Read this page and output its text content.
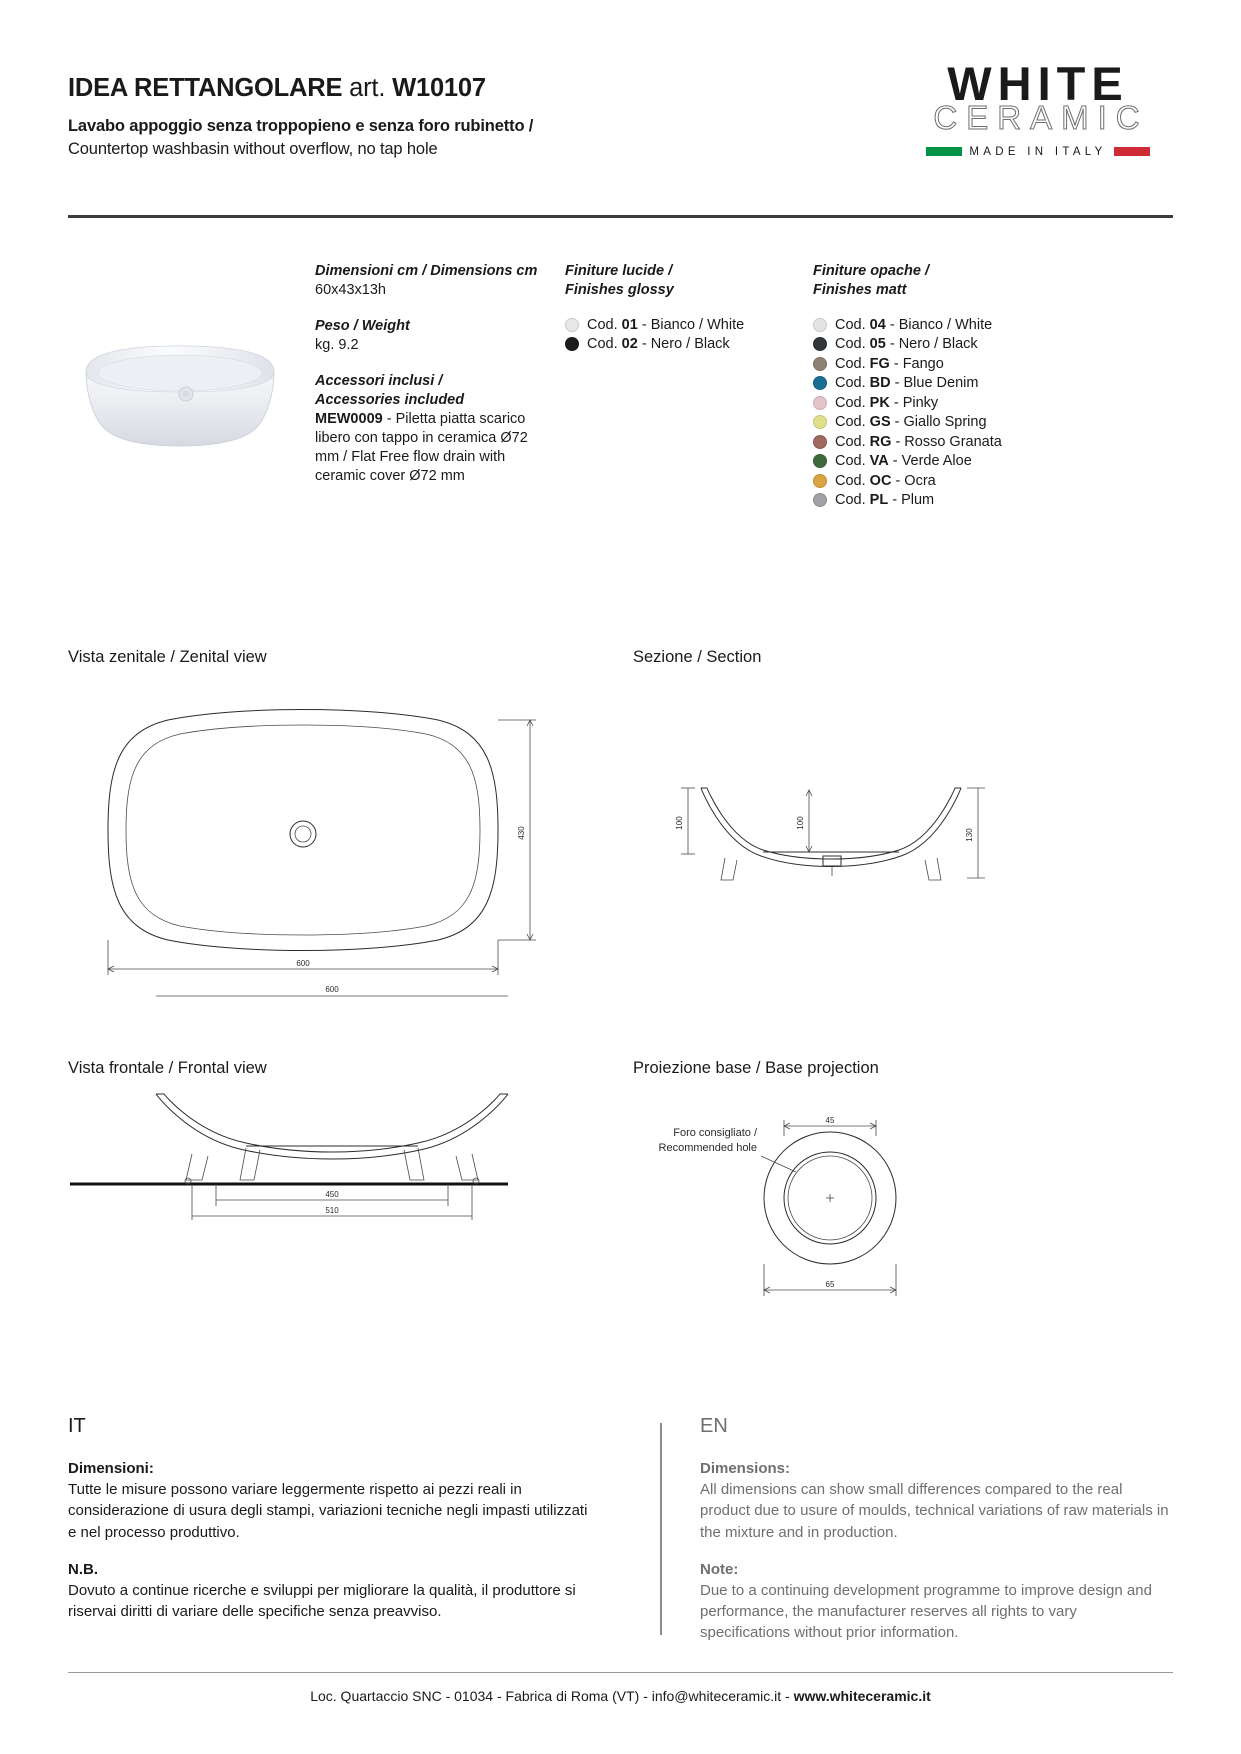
IDEA RETTANGOLARE art. W10107
Lavabo appoggio senza troppopieno e senza foro rubinetto /
Countertop washbasin without overflow, no tap hole
WHITE
CERAMIC
MADE IN ITALY
Dimensioni cm / Dimensions cm
60x43x13h
Peso / Weight
kg. 9.2
Accessori inclusi /
Accessories included
MEW0009 - Piletta piatta scarico libero con tappo in ceramica Ø72 mm / Flat Free flow drain with ceramic cover Ø72 mm
Finiture lucide /
Finishes glossy
Cod. 01 - Bianco / White
Cod. 02 - Nero / Black
Finiture opache /
Finishes matt
Cod. 04 - Bianco / White
Cod. 05 - Nero / Black
Cod. FG - Fango
Cod. BD - Blue Denim
Cod. PK - Pinky
Cod. GS - Giallo Spring
Cod. RG - Rosso Granata
Cod. VA - Verde Aloe
Cod. OC - Ocra
Cod. PL - Plum
Vista zenitale / Zenital view	Sezione / Section
Vista frontale / Frontal view	Proiezione base / Base projection
430
600
100	100
130
600
450
510
Foro consigliato /
Recommended hole
45
65
IT
Dimensioni:
Tutte le misure possono variare leggermente rispetto ai pezzi reali in considerazione di usura degli stampi, variazioni tecniche negli impasti utilizzati e nel processo produttivo.
N.B.
Dovuto a continue ricerche e sviluppi per migliorare la qualità, il produttore si riservai diritti di variare delle specifiche senza preavviso.
EN
Dimensions:
All dimensions can show small differences compared to the real product due to usure of moulds, technical variations of raw materials in the mixture and in production.
Note:
Due to a continuing development programme to improve design and performance, the manufacturer reserves all rights to vary specifications without prior information.
Loc. Quartaccio SNC - 01034 - Fabrica di Roma (VT) - info@whiteceramic.it - www.whiteceramic.it
